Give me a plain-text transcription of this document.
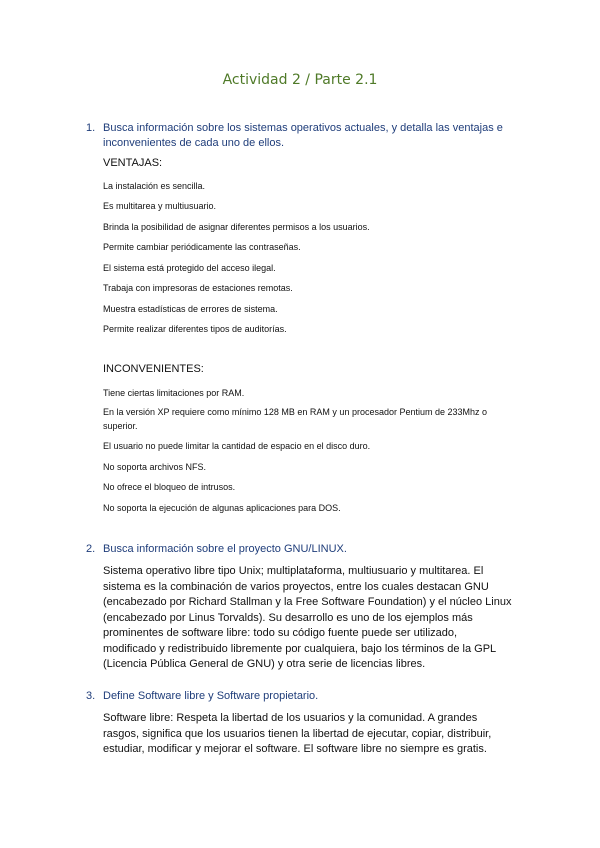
Actividad 2 / Parte 2.1
1. Busca información sobre los sistemas operativos actuales, y detalla las ventajas e inconvenientes de cada uno de ellos.
VENTAJAS:
La instalación es sencilla.
Es multitarea y multiusuario.
Brinda la posibilidad de asignar diferentes permisos a los usuarios.
Permite cambiar periódicamente las contraseñas.
El sistema está protegido del acceso ilegal.
Trabaja con impresoras de estaciones remotas.
Muestra estadísticas de errores de sistema.
Permite realizar diferentes tipos de auditorías.
INCONVENIENTES:
Tiene ciertas limitaciones por RAM.
En la versión XP requiere como mínimo 128 MB en RAM y un procesador Pentium de 233Mhz o superior.
El usuario no puede limitar la cantidad de espacio en el disco duro.
No soporta archivos NFS.
No ofrece el bloqueo de intrusos.
No soporta la ejecución de algunas aplicaciones para DOS.
2. Busca información sobre el proyecto GNU/LINUX.
Sistema operativo libre tipo Unix; multiplataforma, multiusuario y multitarea. El sistema es la combinación de varios proyectos, entre los cuales destacan GNU (encabezado por Richard Stallman y la Free Software Foundation) y el núcleo Linux (encabezado por Linus Torvalds). Su desarrollo es uno de los ejemplos más prominentes de software libre: todo su código fuente puede ser utilizado, modificado y redistribuido libremente por cualquiera, bajo los términos de la GPL (Licencia Pública General de GNU) y otra serie de licencias libres.
3. Define Software libre y Software propietario.
Software libre: Respeta la libertad de los usuarios y la comunidad. A grandes rasgos, significa que los usuarios tienen la libertad de ejecutar, copiar, distribuir, estudiar, modificar y mejorar el software. El software libre no siempre es gratis.
